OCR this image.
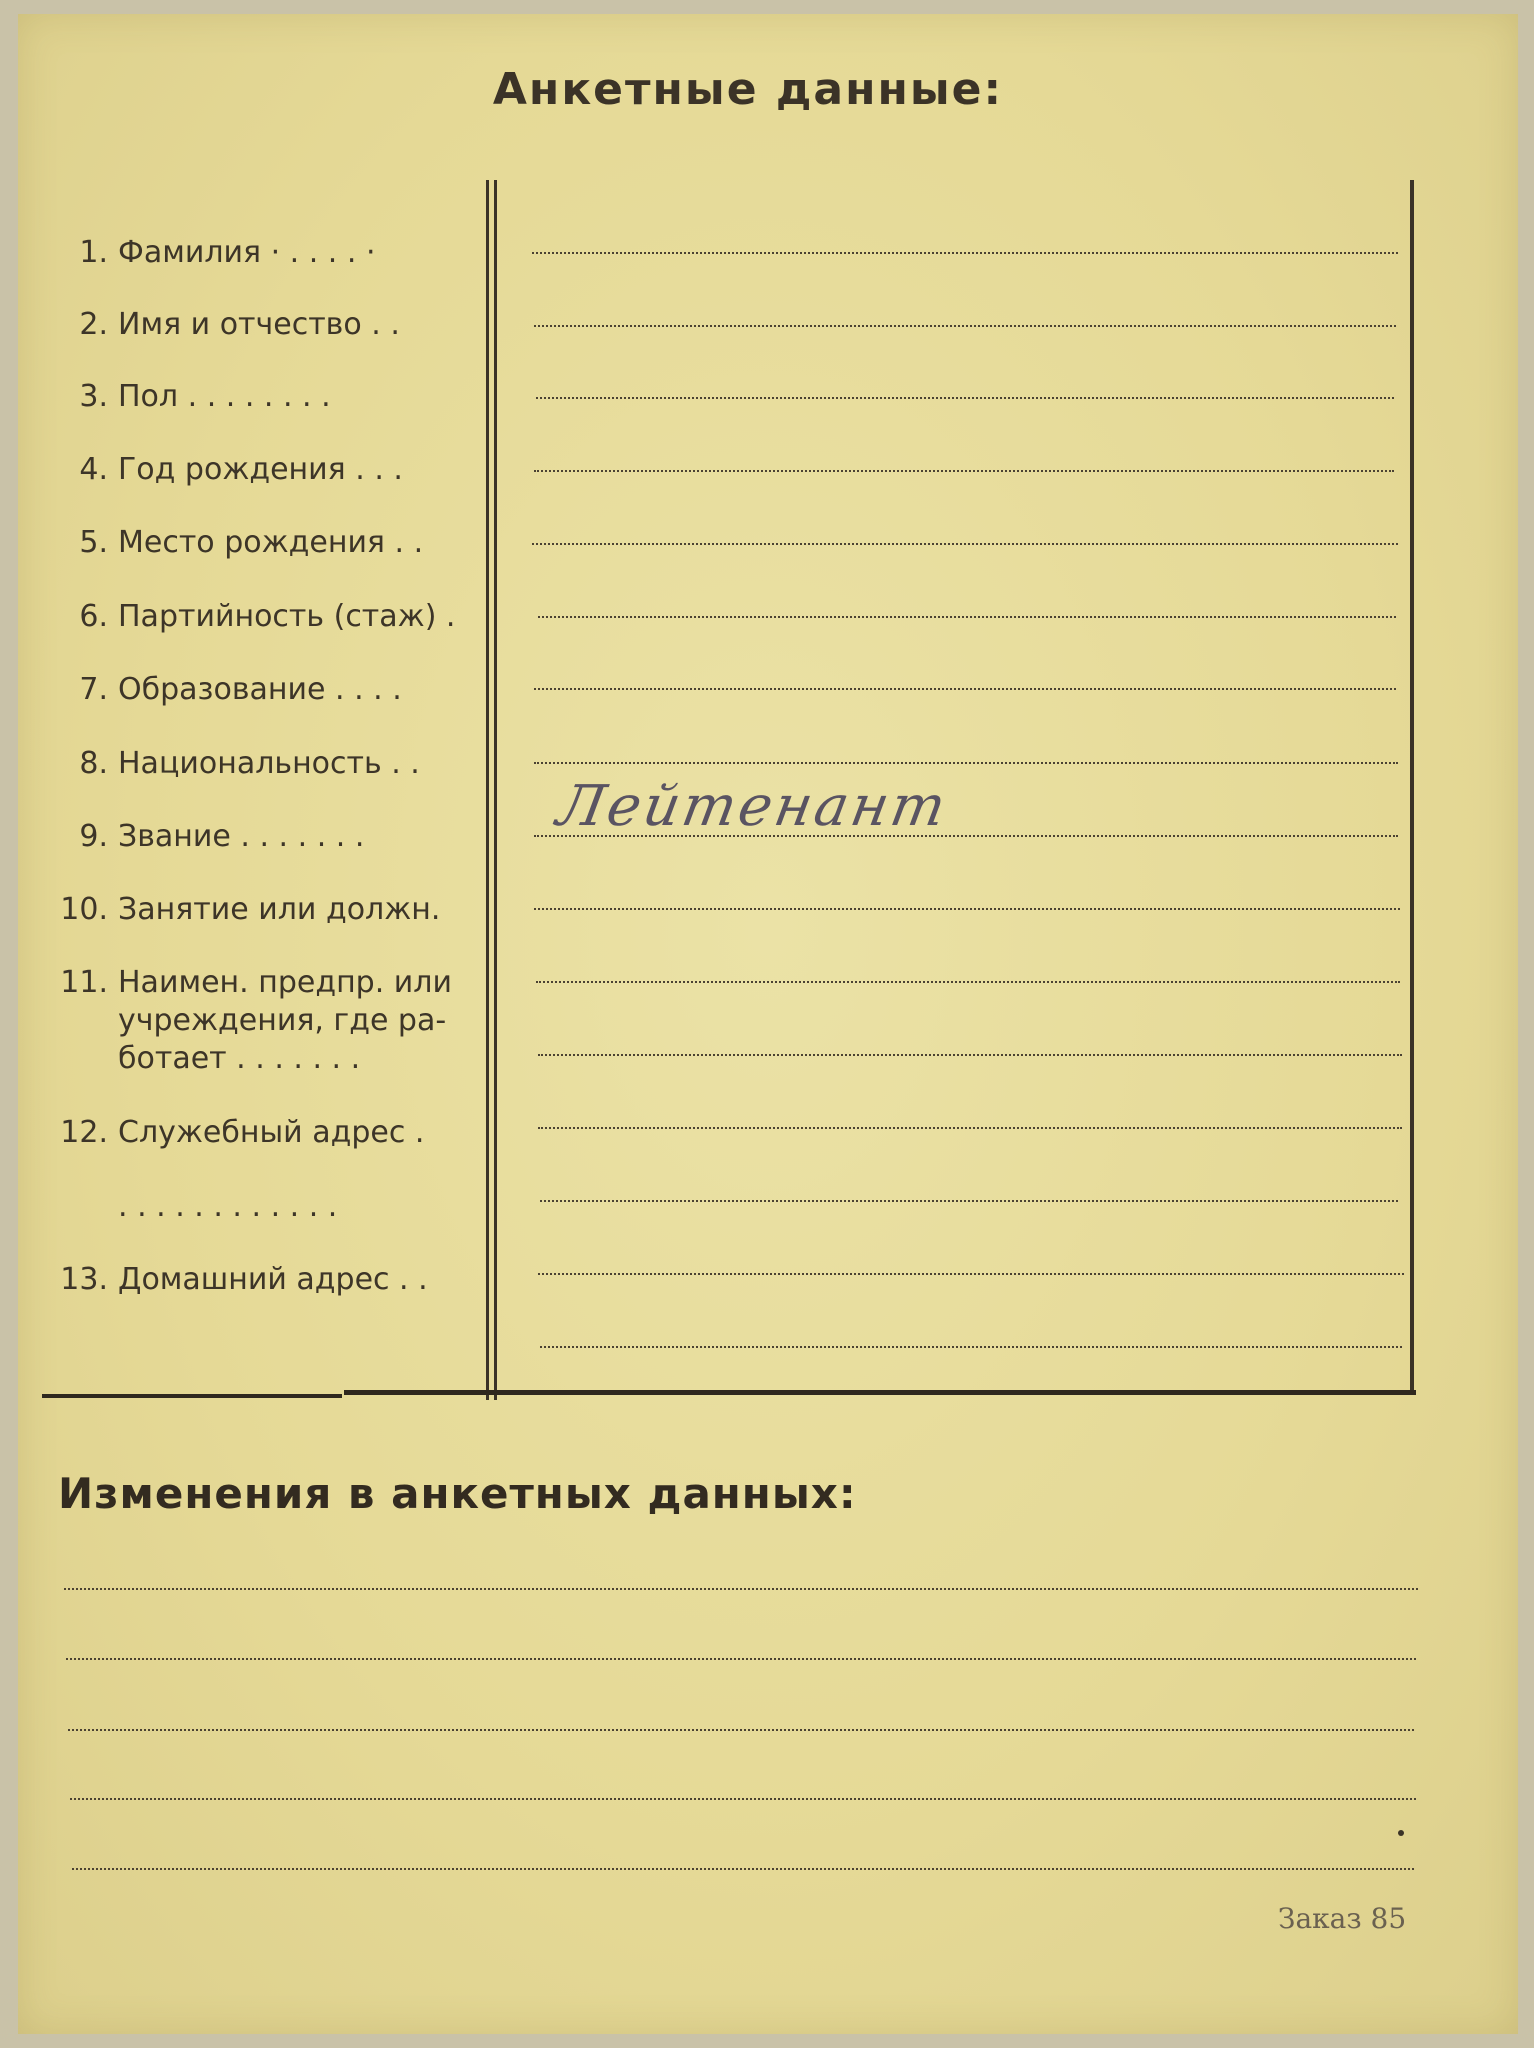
Анкетные данные:
1. Фамилия · . . . . ·
2. Имя и отчество . .
3. Пол . . . . . . . .
4. Год рождения . . .
5. Место рождения . .
6. Партийность (стаж) .
7. Образование . . . .
8. Национальность . .
9. Звание . . . . . . .
10. Занятие или должн.
11. Наимен. предпр. или
учреждения, где ра-
ботает . . . . . . .
12. Служебный адрес .
. . . . . . . . . . . .
13. Домашний адрес . .
Лейтенант
Изменения в анкетных данных:
Заказ 85
